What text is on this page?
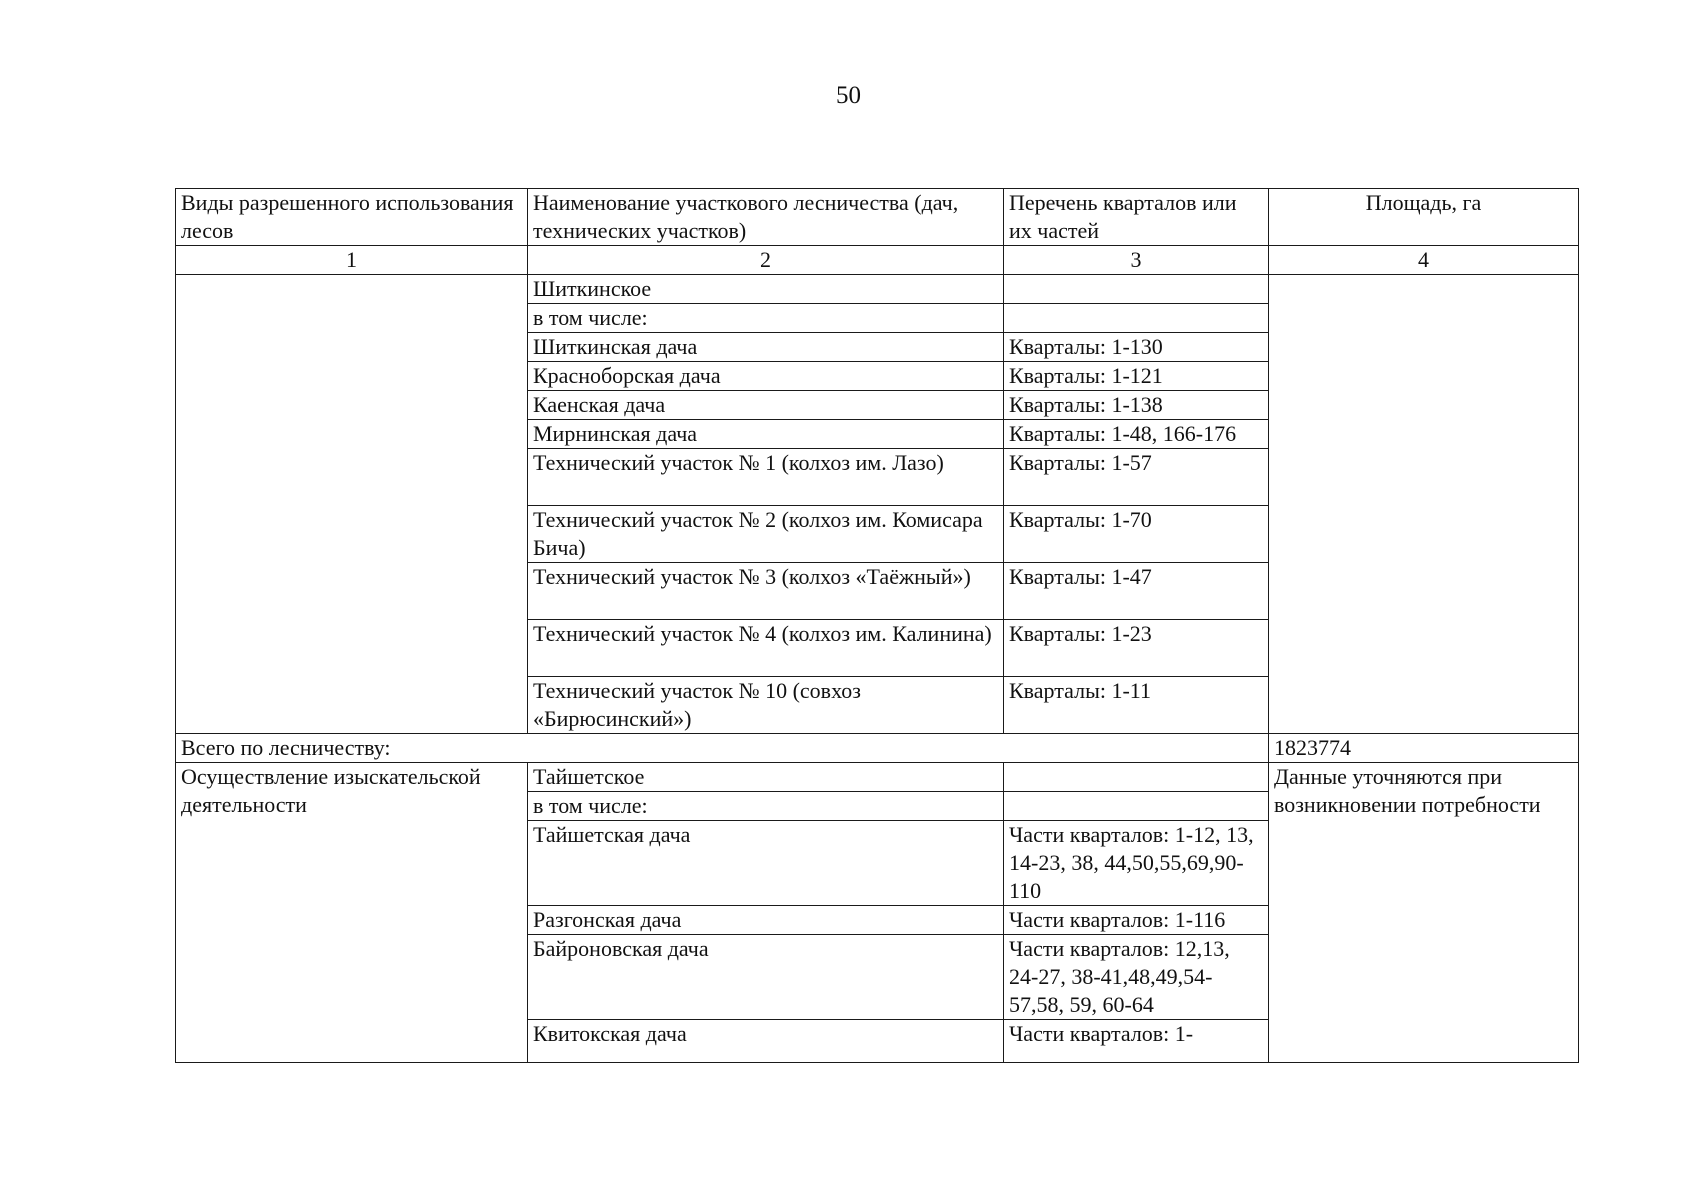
50
Виды разрешенного использования лесов	Наименование участкового лесничества (дач, технических участков)	Перечень кварталов или их частей	Площадь, га
1	2	3	4
	Шиткинское		
	в том числе:		
	Шиткинская дача	Кварталы: 1-130	
	Красноборская дача	Кварталы: 1-121	
	Каенская дача	Кварталы: 1-138	
	Мирнинская дача	Кварталы: 1-48, 166-176	
	Технический участок № 1 (колхоз им. Лазо)	Кварталы: 1-57	
	Технический участок № 2 (колхоз им. Комисара Бича)	Кварталы: 1-70	
	Технический участок № 3 (колхоз «Таёжный»)	Кварталы: 1-47	
	Технический участок № 4 (колхоз им. Калинина)	Кварталы: 1-23	
	Технический участок № 10 (совхоз «Бирюсинский»)	Кварталы: 1-11	
Всего по лесничеству:			1823774
Осуществление изыскательской деятельности	Тайшетское		Данные уточняются при возникновении потребности
	в том числе:		
	Тайшетская дача	Части кварталов: 1-12, 13, 14-23, 38, 44,50,55,69,90-110	
	Разгонская дача	Части кварталов: 1-116	
	Байроновская дача	Части кварталов: 12,13, 24-27, 38-41,48,49,54-57,58, 59, 60-64	
	Квитокская дача	Части кварталов: 1-	
